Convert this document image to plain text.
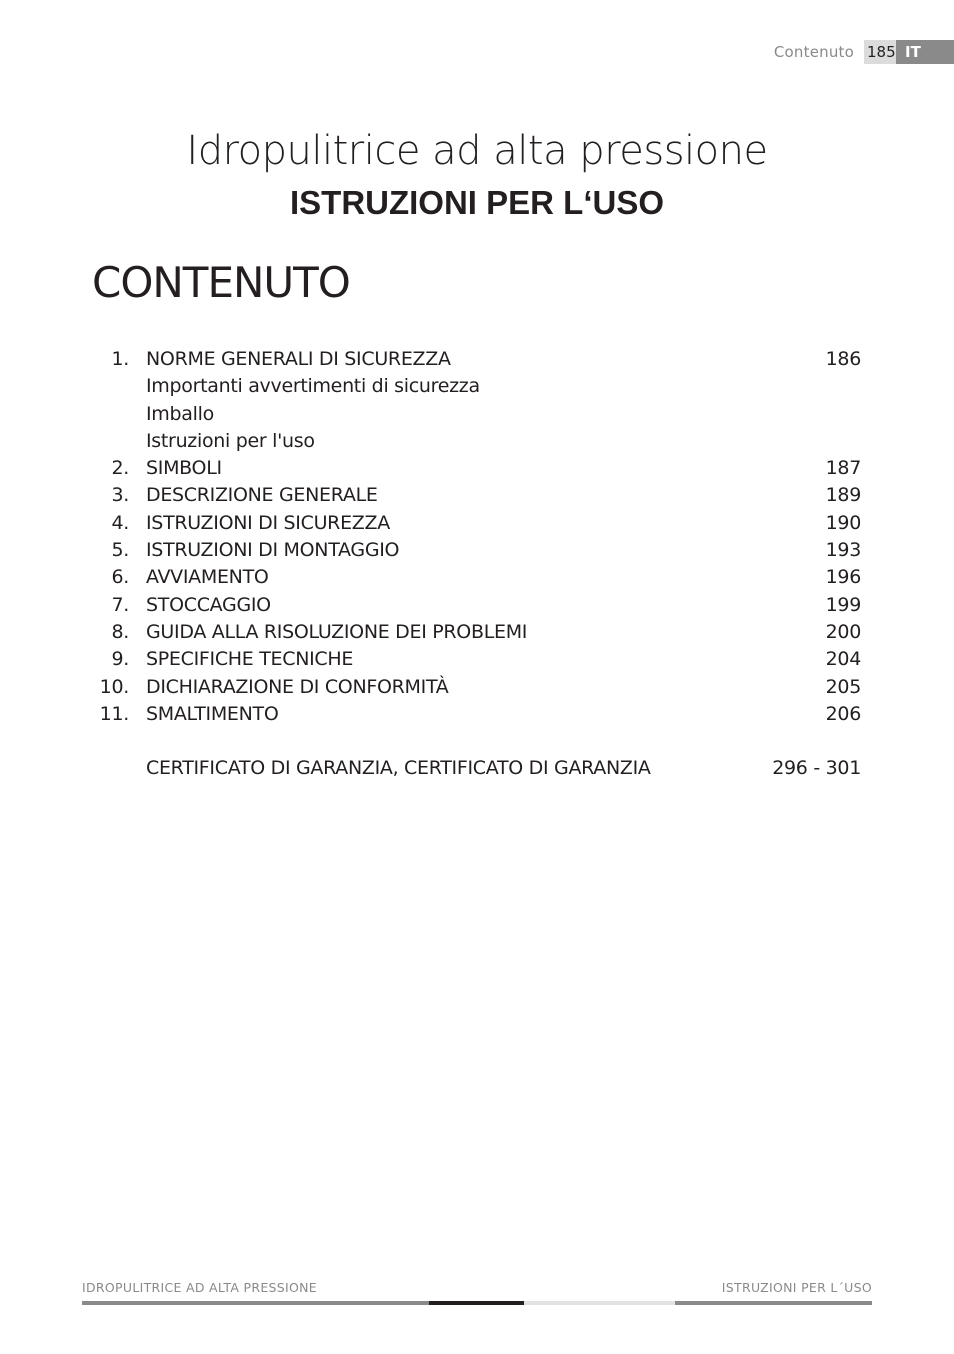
Contenuto 185 IT
Idropulitrice ad alta pressione
ISTRUZIONI PER L‘USO
CONTENUTO
1. NORME GENERALI DI SICUREZZA	186
Importanti avvertimenti di sicurezza
Imballo
Istruzioni per l'uso
2. SIMBOLI	187
3. DESCRIZIONE GENERALE	189
4. ISTRUZIONI DI SICUREZZA	190
5. ISTRUZIONI DI MONTAGGIO	193
6. AVVIAMENTO	196
7. STOCCAGGIO	199
8. GUIDA ALLA RISOLUZIONE DEI PROBLEMI	200
9. SPECIFICHE TECNICHE	204
10. DICHIARAZIONE DI CONFORMITÀ	205
11. SMALTIMENTO	206
CERTIFICATO DI GARANZIA, CERTIFICATO DI GARANZIA	296 - 301
IDROPULITRICE AD ALTA PRESSIONE	ISTRUZIONI PER L´USO
